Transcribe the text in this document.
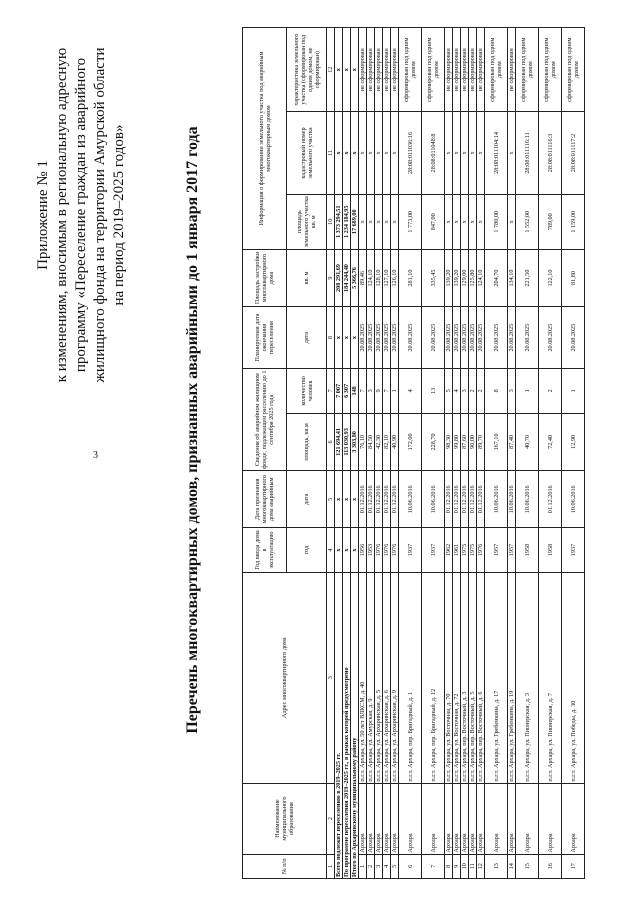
3
Приложение № 1 к изменениям, вносимым в региональную адресную программу «Переселение граждан из аварийного жилищного фонда на территории Амурской области на период 2019–2025 годов»	Перечень многоквартирных домов, признанных аварийными до 1 января 2017 года
№ п/п	Наименование муниципального образования	Адрес многоквартирного дома	Год ввода дома в эксплуатацию	Дата признания многоквартирного дома аварийным	Сведения об аварийном жилищном фонде, подлежащем расселению до 1 сентября 2025 года		Планируемая дата окончания переселения	Площадь застройки многоквартирного дома	Информация о формировании земельного участка под аварийным многоквартирным домом		
			год	дата	площадь, кв.м	количество человек	дата	кв. м	площадь земельного участка
кв. м	кадастровый номер земельного участка	характеристика земельного участка (сформирован под одним домом, не сформирован)
1	2	3	4	5	6	7	8	9	10	11	12
Всего подлежит переселению в 2019–2025 гг.			х	х	121 694,41	7 007	х	208 291,69	1 373 294,51	х	х
По программе переселения 2019–2025 гг., в рамках которой предусмотрено			х	х	113 030,93	6 307	х	184 244,40	1 234 184,95	х	х
Итого по Архаринскому муниципальному району			х	х	3 303,80	148	х	5 366,76	17 689,00	х	х
1	Архара	п.г.т. Архара, ул. 50 лет ВЛКСМ, д. 40	1956	01.12.2016	76,10	7	20.08.2025	89,46	х	х	не сформирован
2	Архара	п.г.т. Архара, ул. Амурская, д. 9	1953	01.12.2016	84,50	3	20.08.2025	124,10	х	х	не сформирован
3	Архара	п.г.т. Архара, ул. Архаринская, д. 5	1976	01.12.2016	42,30	9	20.08.2025	128,10	х	х	не сформирован
4	Архара	п.г.т. Архара, ул. Архаринская, д. 6	1976	01.12.2016	82,10	7	20.08.2025	127,10	х	х	не сформирован
5	Архара	п.г.т. Архара, ул. Архаринская, д. 9	1976	01.12.2016	40,90	1	20.08.2025	126,10	х	х	не сформирован
6	Архара	п.г.т. Архара, пер. Бригадный, д. 1	1937	10.06.2016	172,00	4	20.08.2025	281,10	1 773,00	28:08:011036:16	сформирован под одним домом
7	Архара	п.г.т. Архара, пер. Бригадный, д. 12	1937	10.06.2016	228,70	13	20.08.2025	335,45	847,00	28:08:011048:8	сформирован под одним домом
8	Архара	п.г.т. Архара, ул. Восточная, д. 70	1962	01.12.2016	98,30	5	20.08.2025	139,20	х	х	не сформирован
9	Архара	п.г.т. Архара, ул. Восточная, д. 72	1961	01.12.2016	99,80	4	20.08.2025	139,20	х	х	не сформирован
10	Архара	п.г.т. Архара, пер. Восточный, д. 3	1975	01.12.2016	87,60	3	20.08.2025	129,00	х	х	не сформирован
11	Архара	п.г.т. Архара, пер. Восточный, д. 5	1975	01.12.2016	90,00	2	20.08.2025	125,80	х	х	не сформирован
12	Архара	п.г.т. Архара, пер. Восточный, д. 6	1976	01.12.2016	89,70	2	20.08.2025	124,10	х	х	не сформирован
13	Архара	п.г.т. Архара, ул. Гребенкина, д. 17	1957	10.06.2016	167,10	8	20.08.2025	204,70	1 780,00	28:08:011104:14	сформирован под одним домом
14	Архара	п.г.т. Архара, ул. Гребенкина, д. 19	1957	10.06.2016	87,40	3	20.08.2025	134,10	х	х	не сформирован
15	Архара	п.г.т. Архара, ул. Пионерская, д. 3	1958	10.06.2016	40,70	1	20.08.2025	221,50	1 552,00	28:08:011116:11	сформирован под одним домом
16	Архара	п.г.т. Архара, ул. Пионерская, д. 7	1958	01.12.2016	72,40	2	20.08.2025	122,10	789,00	28:08:011116:3	сформирован под одним домом
17	Архара	п.г.т. Архара, ул. Победы, д. 30	1937	10.06.2016	12,90	1	20.08.2025	81,80	1 159,00	28:08:011117:2	сформирован под одним домом
